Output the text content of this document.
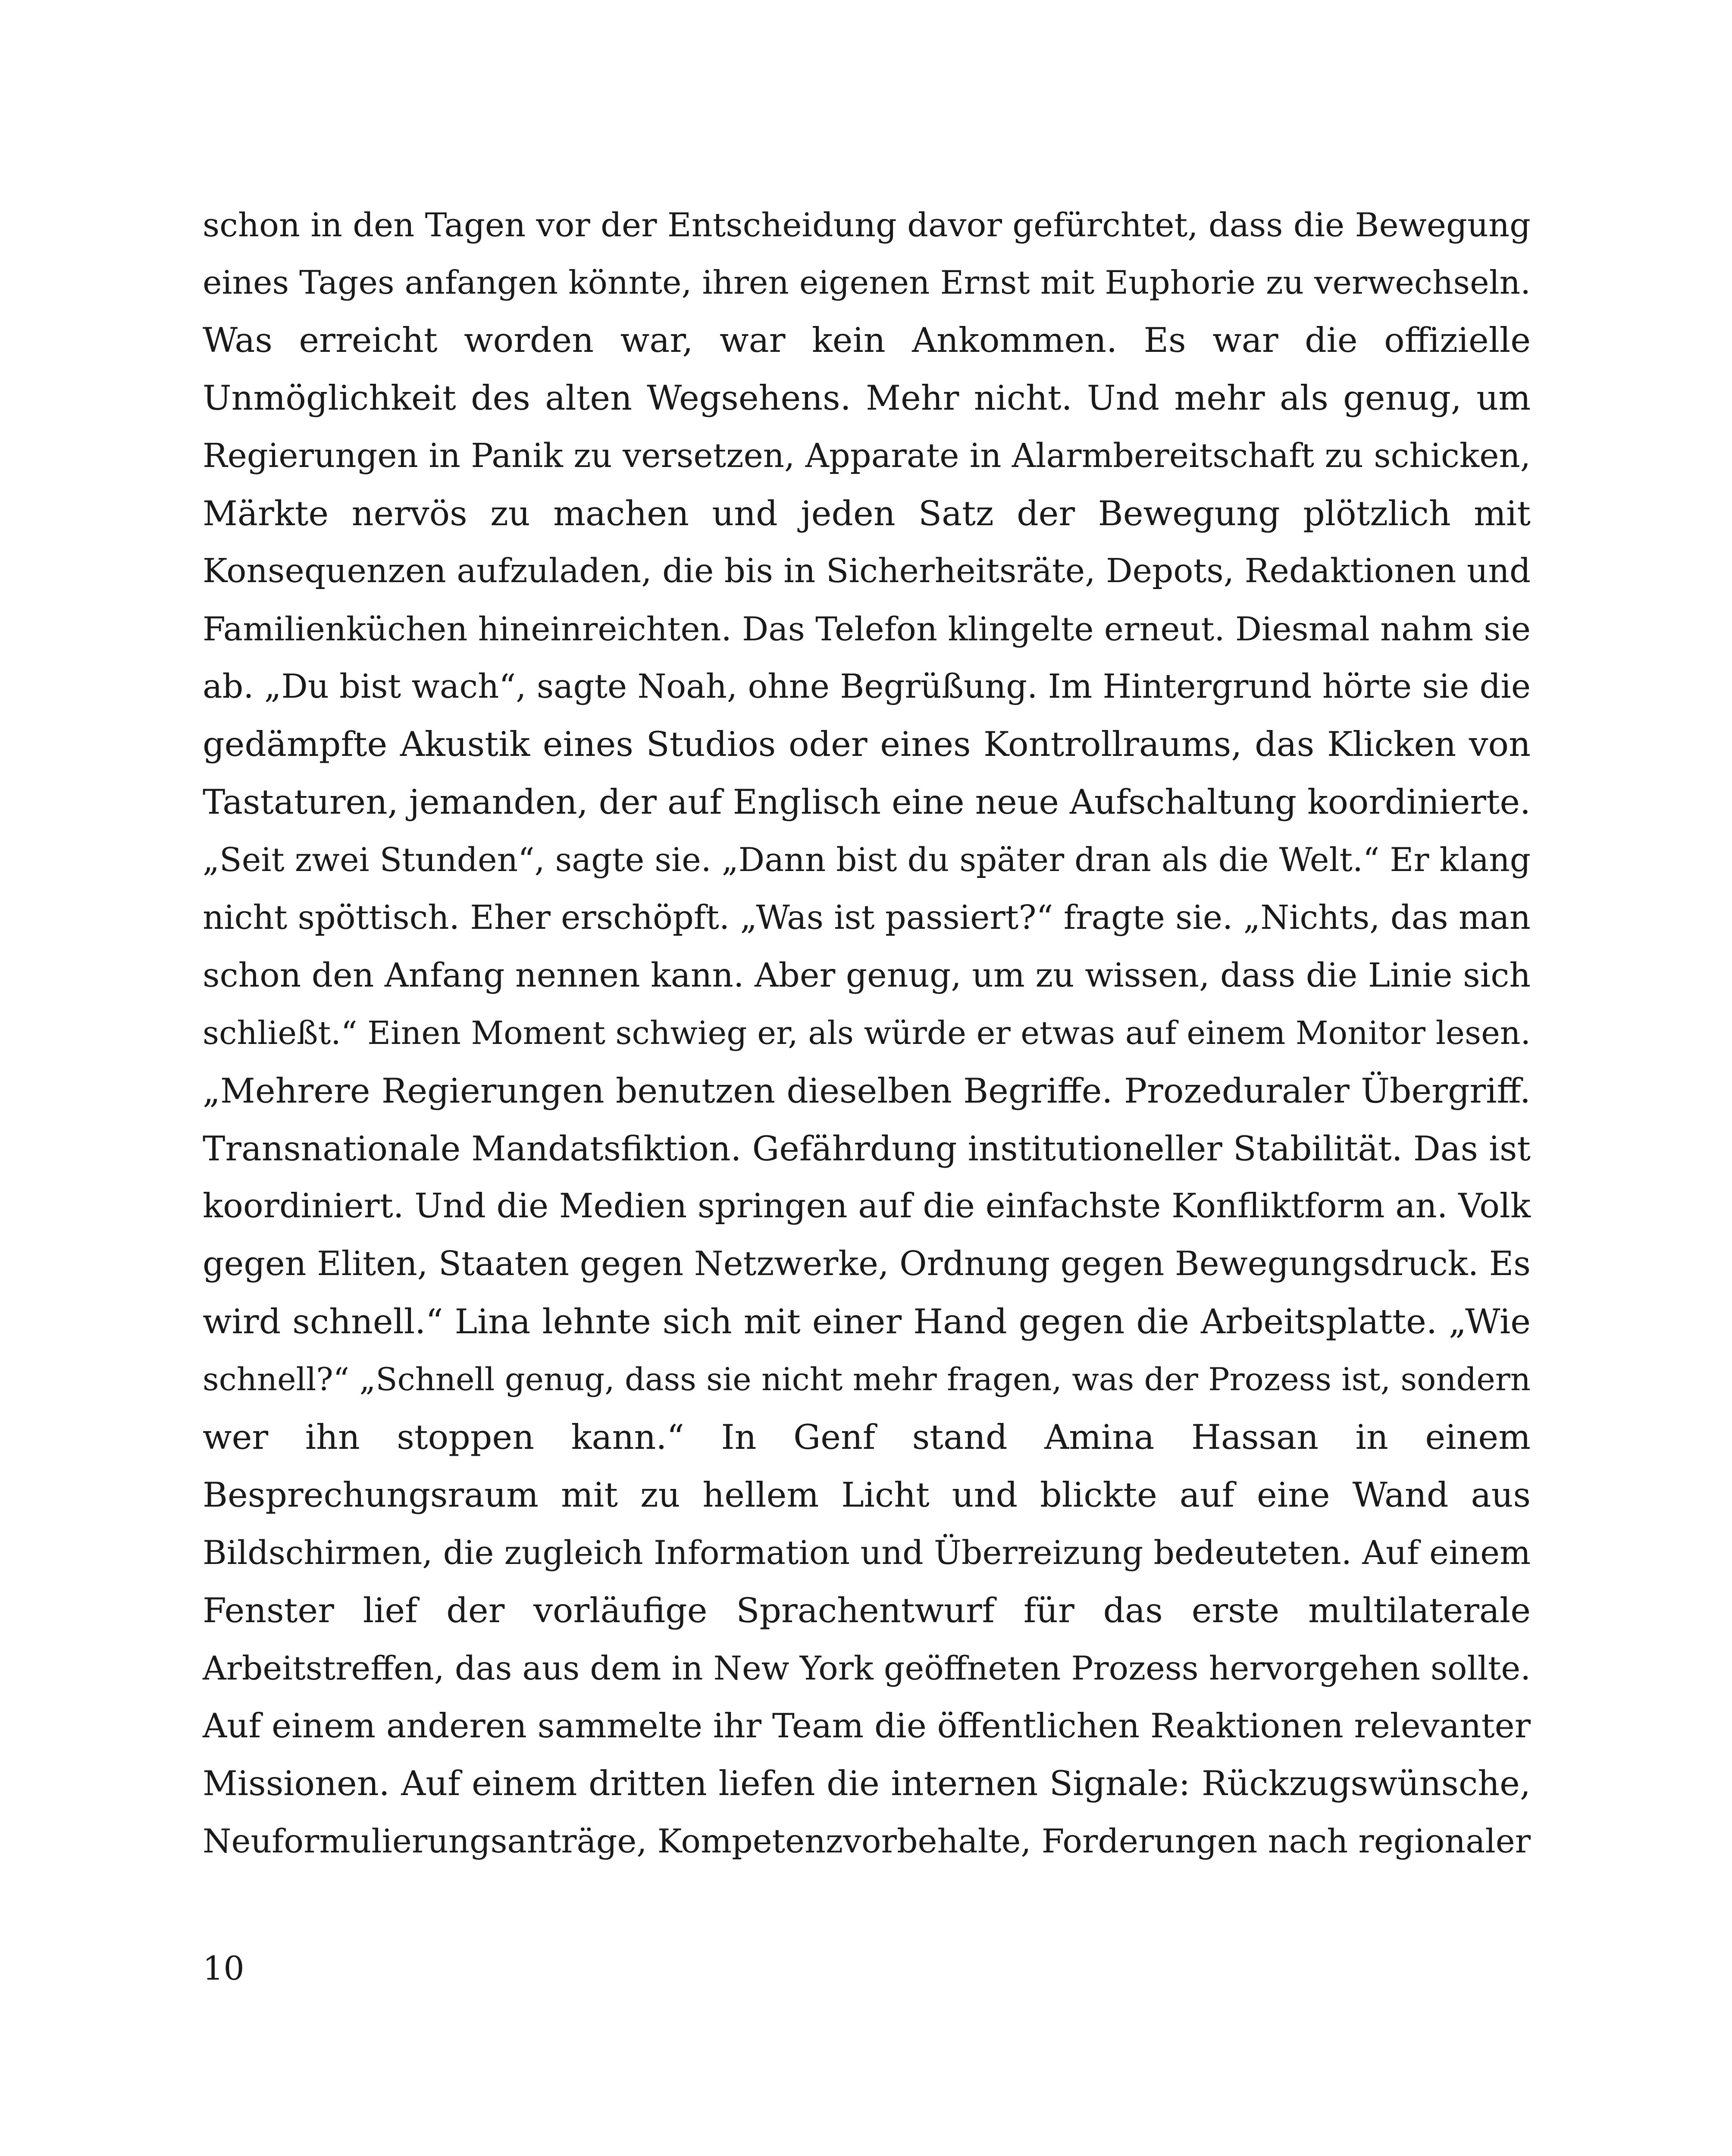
schon in den Tagen vor der Entscheidung davor gefürchtet, dass die Bewegung
eines Tages anfangen könnte, ihren eigenen Ernst mit Euphorie zu verwechseln.
Was erreicht worden war, war kein Ankommen. Es war die offizielle
Unmöglichkeit des alten Wegsehens. Mehr nicht. Und mehr als genug, um
Regierungen in Panik zu versetzen, Apparate in Alarmbereitschaft zu schicken,
Märkte nervös zu machen und jeden Satz der Bewegung plötzlich mit
Konsequenzen aufzuladen, die bis in Sicherheitsräte, Depots, Redaktionen und
Familienküchen hineinreichten. Das Telefon klingelte erneut. Diesmal nahm sie
ab. „Du bist wach“, sagte Noah, ohne Begrüßung. Im Hintergrund hörte sie die
gedämpfte Akustik eines Studios oder eines Kontrollraums, das Klicken von
Tastaturen, jemanden, der auf Englisch eine neue Aufschaltung koordinierte.
„Seit zwei Stunden“, sagte sie. „Dann bist du später dran als die Welt.“ Er klang
nicht spöttisch. Eher erschöpft. „Was ist passiert?“ fragte sie. „Nichts, das man
schon den Anfang nennen kann. Aber genug, um zu wissen, dass die Linie sich
schließt.“ Einen Moment schwieg er, als würde er etwas auf einem Monitor lesen.
„Mehrere Regierungen benutzen dieselben Begriffe. Prozeduraler Übergriff.
Transnationale Mandatsfiktion. Gefährdung institutioneller Stabilität. Das ist
koordiniert. Und die Medien springen auf die einfachste Konfliktform an. Volk
gegen Eliten, Staaten gegen Netzwerke, Ordnung gegen Bewegungsdruck. Es
wird schnell.“ Lina lehnte sich mit einer Hand gegen die Arbeitsplatte. „Wie
schnell?“ „Schnell genug, dass sie nicht mehr fragen, was der Prozess ist, sondern
wer ihn stoppen kann.“ In Genf stand Amina Hassan in einem
Besprechungsraum mit zu hellem Licht und blickte auf eine Wand aus
Bildschirmen, die zugleich Information und Überreizung bedeuteten. Auf einem
Fenster lief der vorläufige Sprachentwurf für das erste multilaterale
Arbeitstreffen, das aus dem in New York geöffneten Prozess hervorgehen sollte.
Auf einem anderen sammelte ihr Team die öffentlichen Reaktionen relevanter
Missionen. Auf einem dritten liefen die internen Signale: Rückzugswünsche,
Neuformulierungsanträge, Kompetenzvorbehalte, Forderungen nach regionaler
10
